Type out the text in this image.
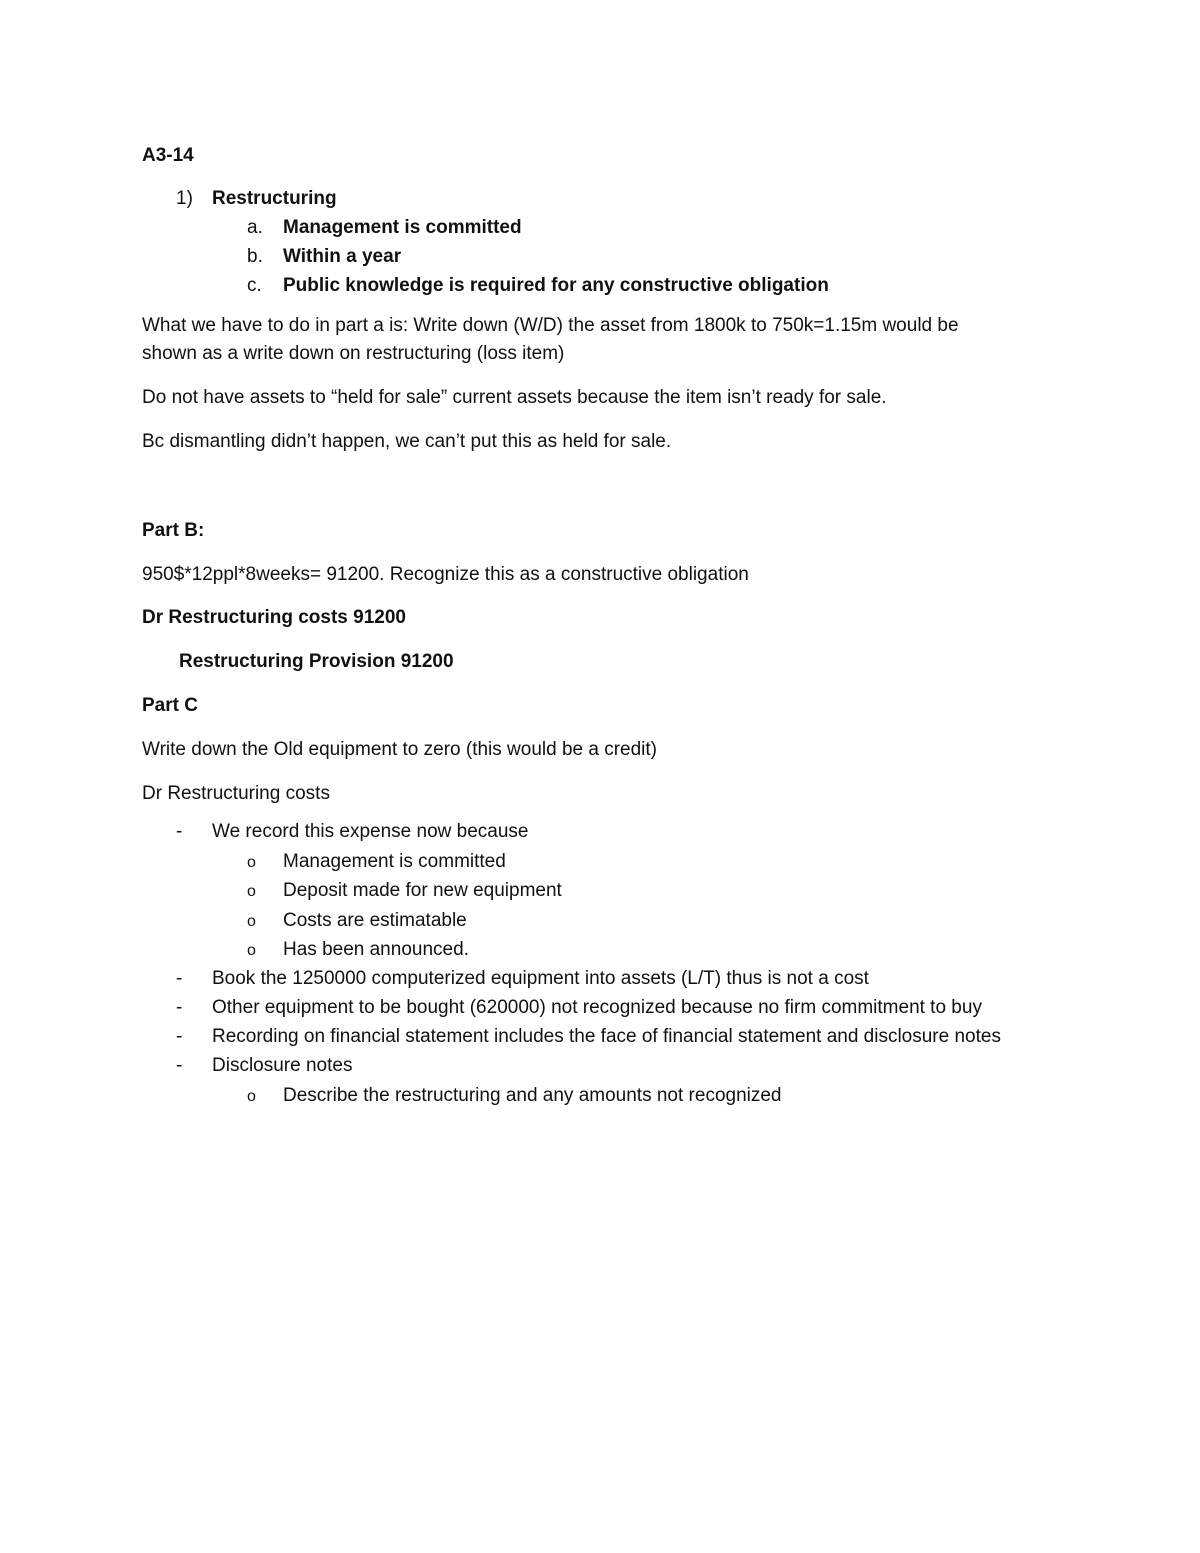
A3-14
1)	Restructuring
a.	Management is committed
b.	Within a year
c.	Public knowledge is required for any constructive obligation
What we have to do in part a is: Write down (W/D) the asset from 1800k to 750k=1.15m would be
shown as a write down on restructuring (loss item)
Do not have assets to “held for sale” current assets because the item isn’t ready for sale.
Bc dismantling didn’t happen, we can’t put this as held for sale.
Part B:
950$*12ppl*8weeks= 91200. Recognize this as a constructive obligation
Dr Restructuring costs 91200
Restructuring Provision 91200
Part C
Write down the Old equipment to zero (this would be a credit)
Dr Restructuring costs
-	We record this expense now because
o	Management is committed
o	Deposit made for new equipment
o	Costs are estimatable
o	Has been announced.
-	Book the 1250000 computerized equipment into assets (L/T) thus is not a cost
-	Other equipment to be bought (620000) not recognized because no firm commitment to buy
-	Recording on financial statement includes the face of financial statement and disclosure notes
-	Disclosure notes
o	Describe the restructuring and any amounts not recognized
